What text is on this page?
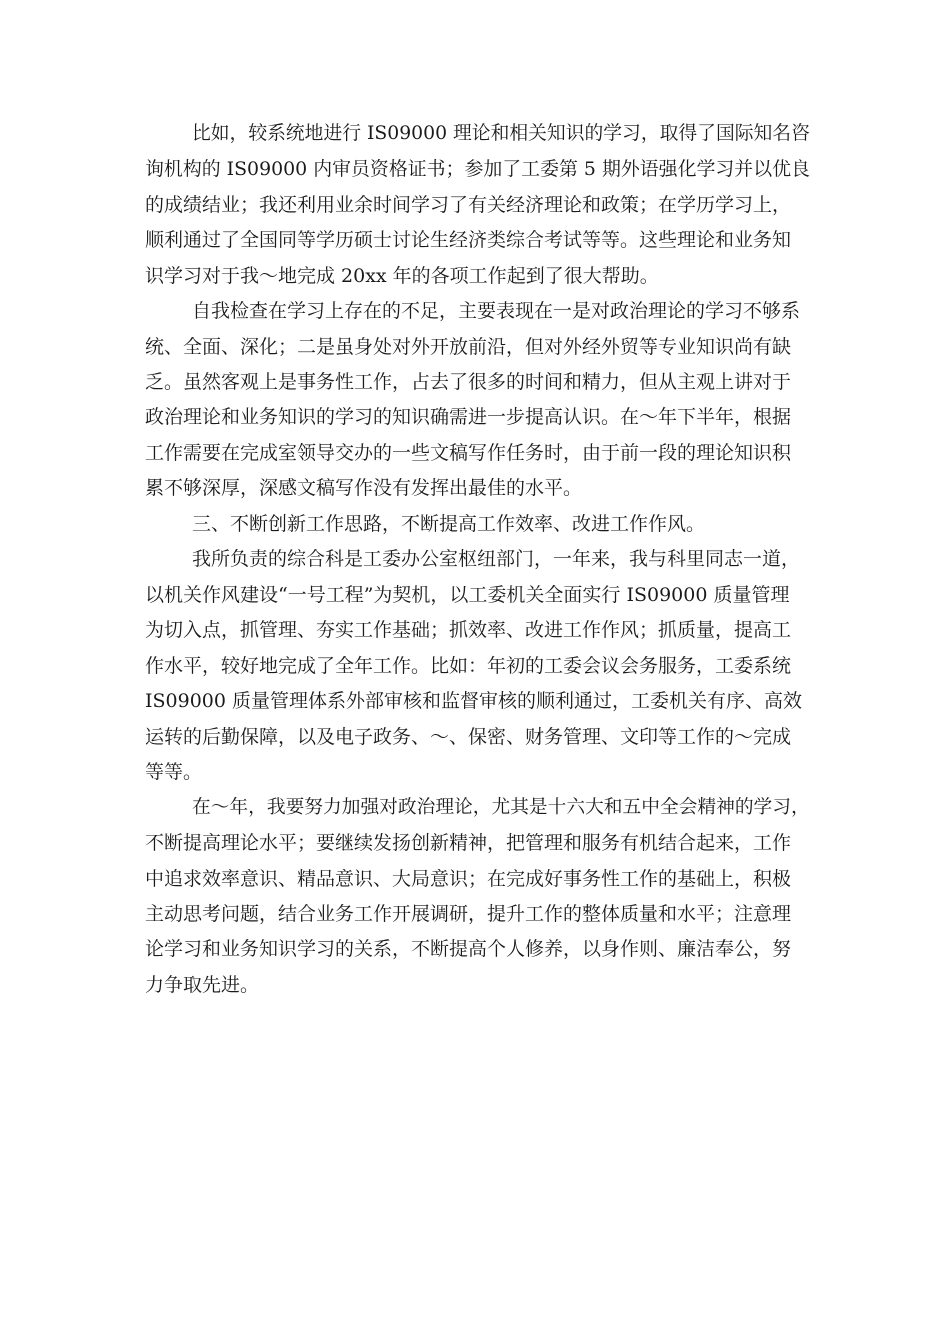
比如，较系统地进行 IS09000 理论和相关知识的学习，取得了国际知名咨
询机构的 IS09000 内审员资格证书；参加了工委第 5 期外语强化学习并以优良
的成绩结业；我还利用业余时间学习了有关经济理论和政策；在学历学习上，
顺利通过了全国同等学历硕士讨论生经济类综合考试等等。这些理论和业务知
识学习对于我～地完成 20xx 年的各项工作起到了很大帮助。
自我检查在学习上存在的不足，主要表现在一是对政治理论的学习不够系
统、全面、深化；二是虽身处对外开放前沿，但对外经外贸等专业知识尚有缺
乏。虽然客观上是事务性工作，占去了很多的时间和精力，但从主观上讲对于
政治理论和业务知识的学习的知识确需进一步提高认识。在～年下半年，根据
工作需要在完成室领导交办的一些文稿写作任务时，由于前一段的理论知识积
累不够深厚，深感文稿写作没有发挥出最佳的水平。
三、不断创新工作思路，不断提高工作效率、改进工作作风。
我所负责的综合科是工委办公室枢纽部门，一年来，我与科里同志一道，
以机关作风建设“一号工程”为契机，以工委机关全面实行 IS09000 质量管理
为切入点，抓管理、夯实工作基础；抓效率、改进工作作风；抓质量，提高工
作水平，较好地完成了全年工作。比如：年初的工委会议会务服务，工委系统
IS09000 质量管理体系外部审核和监督审核的顺利通过，工委机关有序、高效
运转的后勤保障，以及电子政务、～、保密、财务管理、文印等工作的～完成
等等。
在～年，我要努力加强对政治理论，尤其是十六大和五中全会精神的学习，
不断提高理论水平；要继续发扬创新精神，把管理和服务有机结合起来，工作
中追求效率意识、精品意识、大局意识；在完成好事务性工作的基础上，积极
主动思考问题，结合业务工作开展调研，提升工作的整体质量和水平；注意理
论学习和业务知识学习的关系，不断提高个人修养，以身作则、廉洁奉公，努
力争取先进。
